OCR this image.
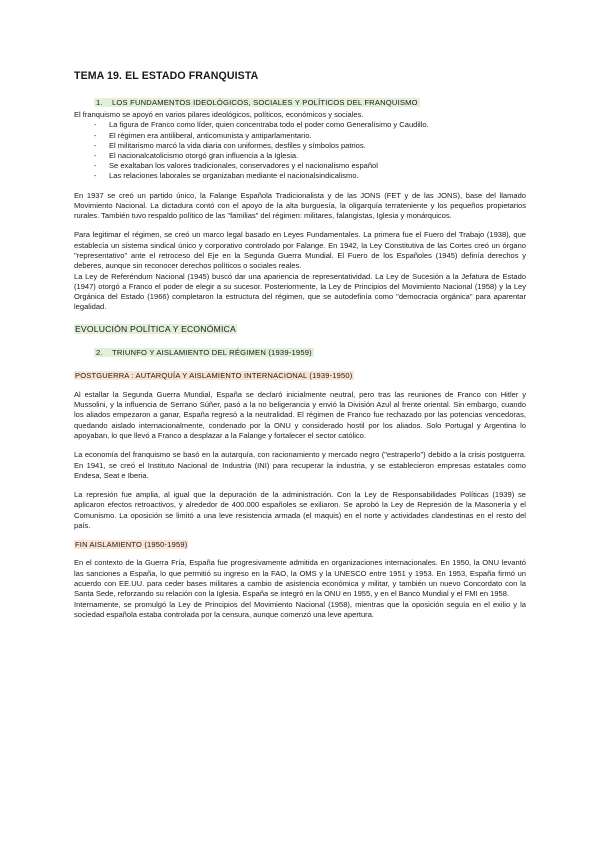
TEMA 19. EL ESTADO FRANQUISTA
1. LOS FUNDAMENTOS IDEOLÓGICOS, SOCIALES Y POLÍTICOS DEL FRANQUISMO

El franquismo se apoyó en varios pilares ideológicos, políticos, económicos y sociales.

- La figura de Franco como líder, quien concentraba todo el poder como Generalísimo y Caudillo.
- El régimen era antiliberal, anticomunista y antiparlamentario.
- El militarismo marcó la vida diaria con uniformes, desfiles y símbolos patrios.
- El nacionalcatolicismo otorgó gran influencia a la Iglesia.
- Se exaltaban los valores tradicionales, conservadores y el nacionalismo español
- Las relaciones laborales se organizaban mediante el nacionalsindicalismo.

En 1937 se creó un partido único, la Falange Española Tradicionalista y de las JONS (FET y de las JONS), base del llamado Movimiento Nacional. La dictadura contó con el apoyo de la alta burguesía, la oligarquía terrateniente y los pequeños propietarios rurales. También tuvo respaldo político de las "familias" del régimen: militares, falangistas, Iglesia y monárquicos.

Para legitimar el régimen, se creó un marco legal basado en Leyes Fundamentales. La primera fue el Fuero del Trabajo (1938), que establecía un sistema sindical único y corporativo controlado por Falange. En 1942, la Ley Constitutiva de las Cortes creó un órgano "representativo" ante el retroceso del Eje en la Segunda Guerra Mundial. El Fuero de los Españoles (1945) definía derechos y deberes, aunque sin reconocer derechos políticos o sociales reales.

La Ley de Referéndum Nacional (1945) buscó dar una apariencia de representatividad. La Ley de Sucesión a la Jefatura de Estado (1947) otorgó a Franco el poder de elegir a su sucesor. Posteriormente, la Ley de Principios del Movimiento Nacional (1958) y la Ley Orgánica del Estado (1966) completaron la estructura del régimen, que se autodefinía como "democracia orgánica" para aparentar legalidad.

EVOLUCIÓN POLÍTICA Y ECONÓMICA
2. TRIUNFO Y AISLAMIENTO DEL RÉGIMEN (1939-1959)
POSTGUERRA : AUTARQUÍA Y AISLAMIENTO INTERNACIONAL (1939-1950)

Al estallar la Segunda Guerra Mundial, España se declaró inicialmente neutral, pero tras las reuniones de Franco con Hitler y Mussolini, y la influencia de Serrano Súñer, pasó a la no beligerancia y envió la División Azul al frente oriental. Sin embargo, cuando los aliados empezaron a ganar, España regresó a la neutralidad. El régimen de Franco fue rechazado por las potencias vencedoras, quedando aislado internacionalmente, condenado por la ONU y considerado hostil por los aliados. Solo Portugal y Argentina lo apoyaban, lo que llevó a Franco a desplazar a la Falange y fortalecer el sector católico.

La economía del franquismo se basó en la autarquía, con racionamiento y mercado negro ("estraperlo") debido a la crisis postguerra. En 1941, se creó el Instituto Nacional de Industria (INI) para recuperar la industria, y se establecieron empresas estatales como Endesa, Seat e Iberia.

La represión fue amplia, al igual que la depuración de la administración. Con la Ley de Responsabilidades Políticas (1939) se aplicaron efectos retroactivos, y alrededor de 400.000 españoles se exiliaron. Se aprobó la Ley de Represión de la Masonería y el Comunismo. La oposición se limitó a una leve resistencia armada (el maquis) en el norte y actividades clandestinas en el resto del país.

FIN AISLAMIENTO (1950-1959)

En el contexto de la Guerra Fría, España fue progresivamente admitida en organizaciones internacionales. En 1950, la ONU levantó las sanciones a España, lo que permitió su ingreso en la FAO, la OMS y la UNESCO entre 1951 y 1953. En 1953, España firmó un acuerdo con EE.UU. para ceder bases militares a cambio de asistencia económica y militar, y también un nuevo Concordato con la Santa Sede, reforzando su relación con la Iglesia. España se integró en la ONU en 1955, y en el Banco Mundial y el FMI en 1958.
Internamente, se promulgó la Ley de Principios del Movimiento Nacional (1958), mientras que la oposición seguía en el exilio y la sociedad española estaba controlada por la censura, aunque comenzó una leve apertura.
